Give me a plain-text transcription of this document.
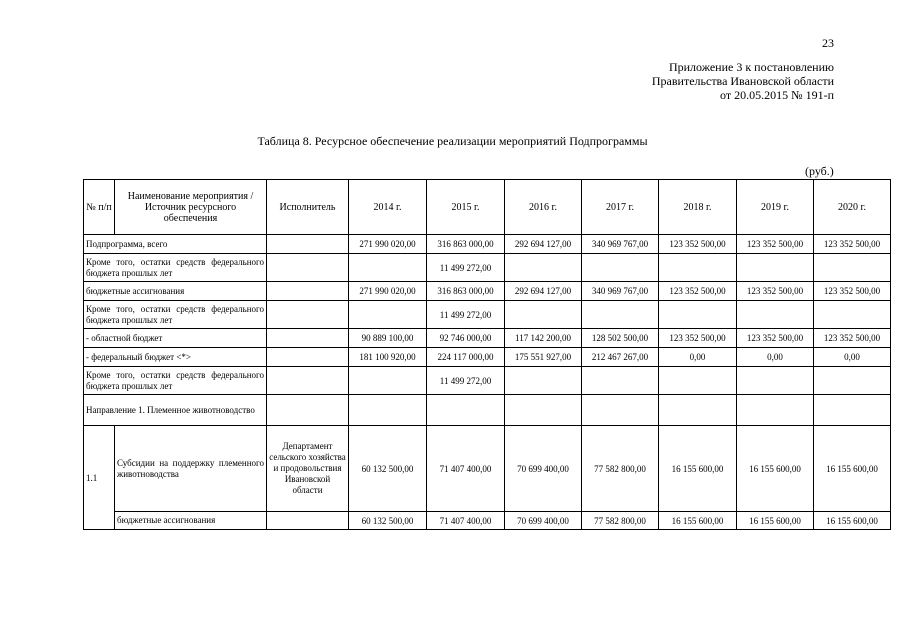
23
Приложение 3 к постановлению
Правительства Ивановской области
от 20.05.2015 № 191-п
Таблица 8. Ресурсное обеспечение реализации мероприятий Подпрограммы
(руб.)
№ п/п	Наименование мероприятия / Источник ресурсного обеспечения	Исполнитель	2014 г.	2015 г.	2016 г.	2017 г.	2018 г.	2019 г.	2020 г.
Подпрограмма, всего			271 990 020,00	316 863 000,00	292 694 127,00	340 969 767,00	123 352 500,00	123 352 500,00	123 352 500,00
Кроме того, остатки средств федерального бюджета прошлых лет				11 499 272,00					
бюджетные ассигнования			271 990 020,00	316 863 000,00	292 694 127,00	340 969 767,00	123 352 500,00	123 352 500,00	123 352 500,00
Кроме того, остатки средств федерального бюджета прошлых лет				11 499 272,00					
- областной бюджет			90 889 100,00	92 746 000,00	117 142 200,00	128 502 500,00	123 352 500,00	123 352 500,00	123 352 500,00
- федеральный бюджет <*>			181 100 920,00	224 117 000,00	175 551 927,00	212 467 267,00	0,00	0,00	0,00
Кроме того, остатки средств федерального бюджета прошлых лет				11 499 272,00					
Направление 1. Племенное животноводство									
1.1	Субсидии на поддержку племенного животноводства	Департамент сельского хозяйства и продовольствия Ивановской области	60 132 500,00	71 407 400,00	70 699 400,00	77 582 800,00	16 155 600,00	16 155 600,00	16 155 600,00
	бюджетные ассигнования		60 132 500,00	71 407 400,00	70 699 400,00	77 582 800,00	16 155 600,00	16 155 600,00	16 155 600,00
